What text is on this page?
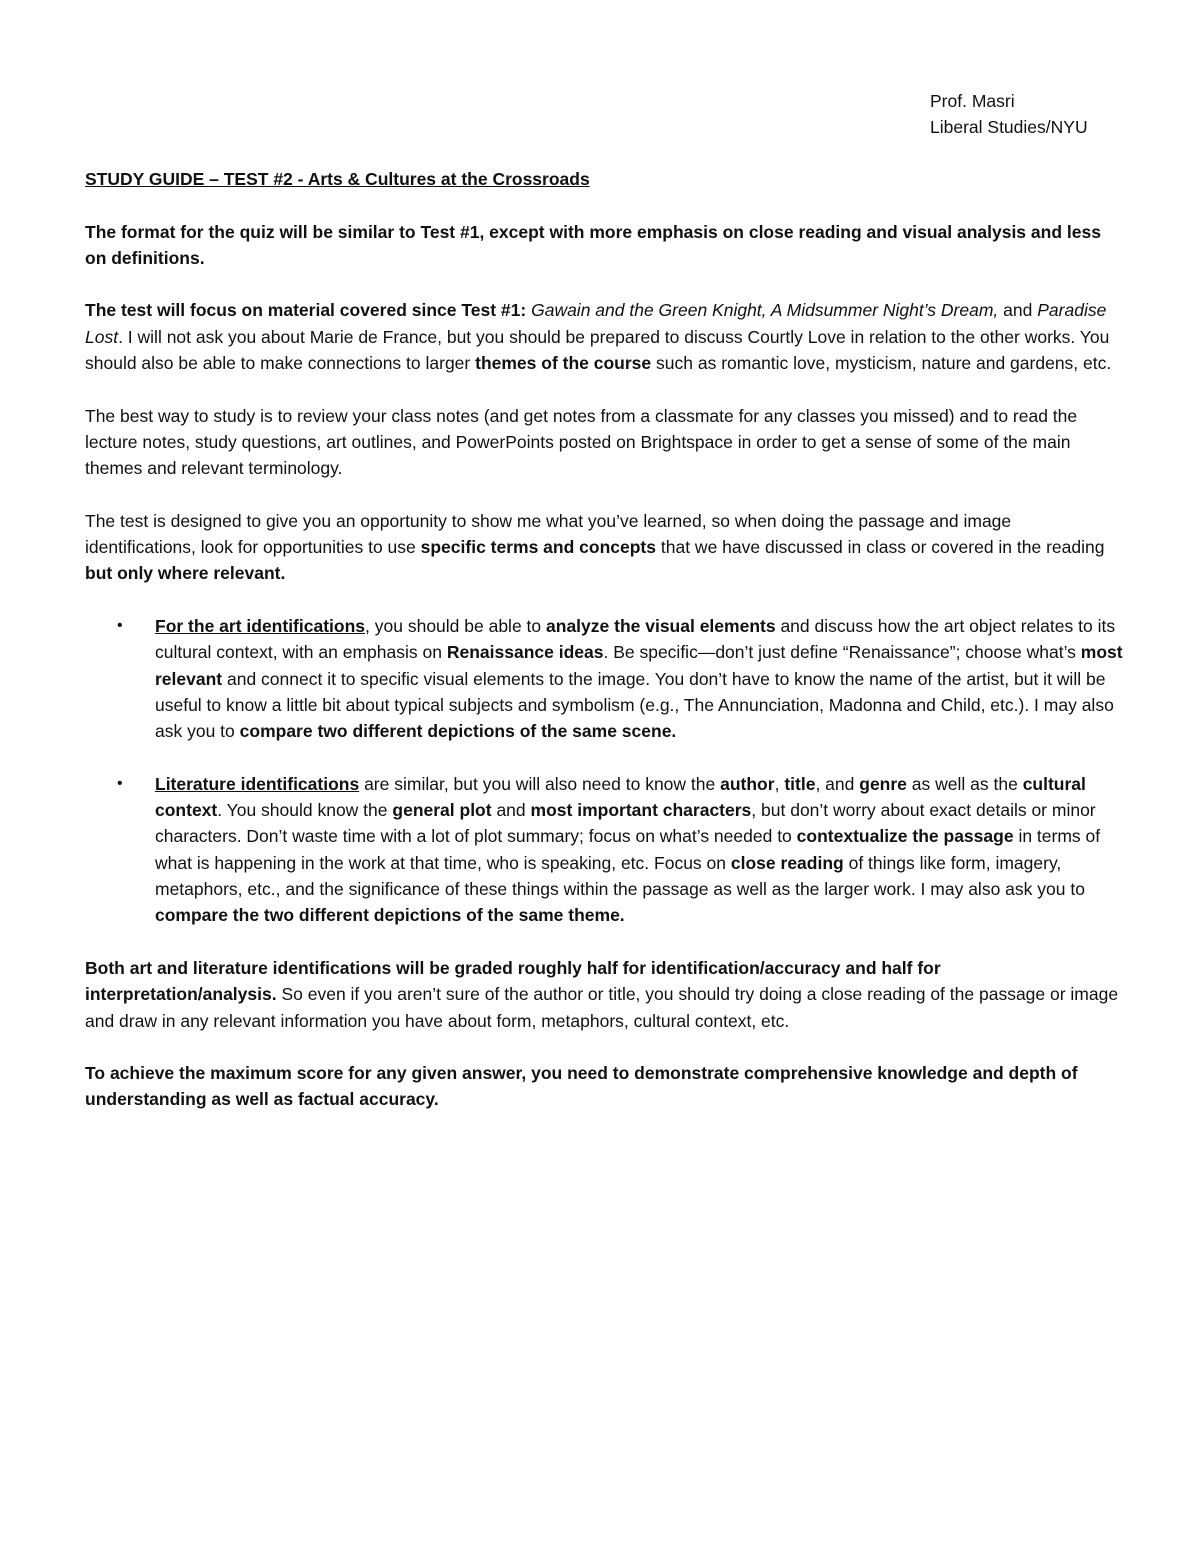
Prof. Masri
Liberal Studies/NYU

STUDY GUIDE – TEST #2 - Arts & Cultures at the Crossroads

The format for the quiz will be similar to Test #1, except with more emphasis on close reading and visual analysis and less on definitions.

The test will focus on material covered since Test #1: Gawain and the Green Knight, A Midsummer Night’s Dream, and Paradise Lost. I will not ask you about Marie de France, but you should be prepared to discuss Courtly Love in relation to the other works. You should also be able to make connections to larger themes of the course such as romantic love, mysticism, nature and gardens, etc.

The best way to study is to review your class notes (and get notes from a classmate for any classes you missed) and to read the lecture notes, study questions, art outlines, and PowerPoints posted on Brightspace in order to get a sense of some of the main themes and relevant terminology.

The test is designed to give you an opportunity to show me what you’ve learned, so when doing the passage and image identifications, look for opportunities to use specific terms and concepts that we have discussed in class or covered in the reading but only where relevant.

• For the art identifications, you should be able to analyze the visual elements and discuss how the art object relates to its cultural context, with an emphasis on Renaissance ideas. Be specific—don’t just define “Renaissance”; choose what’s most relevant and connect it to specific visual elements to the image. You don’t have to know the name of the artist, but it will be useful to know a little bit about typical subjects and symbolism (e.g., The Annunciation, Madonna and Child, etc.). I may also ask you to compare two different depictions of the same scene.
• Literature identifications are similar, but you will also need to know the author, title, and genre as well as the cultural context. You should know the general plot and most important characters, but don’t worry about exact details or minor characters. Don’t waste time with a lot of plot summary; focus on what’s needed to contextualize the passage in terms of what is happening in the work at that time, who is speaking, etc. Focus on close reading of things like form, imagery, metaphors, etc., and the significance of these things within the passage as well as the larger work. I may also ask you to compare the two different depictions of the same theme.

Both art and literature identifications will be graded roughly half for identification/accuracy and half for interpretation/analysis. So even if you aren’t sure of the author or title, you should try doing a close reading of the passage or image and draw in any relevant information you have about form, metaphors, cultural context, etc.

To achieve the maximum score for any given answer, you need to demonstrate comprehensive knowledge and depth of understanding as well as factual accuracy.
